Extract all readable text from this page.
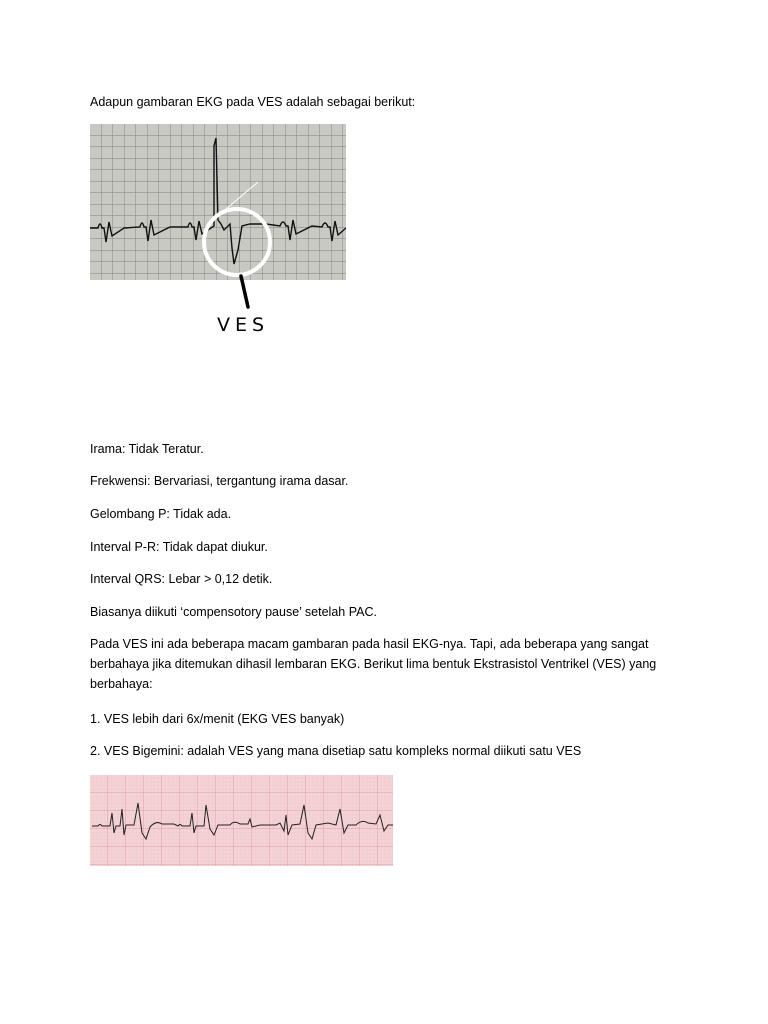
Adapun gambaran EKG pada VES adalah sebagai berikut:
VES
Irama: Tidak Teratur.
Frekwensi: Bervariasi, tergantung irama dasar.
Gelombang P: Tidak ada.
Interval P-R: Tidak dapat diukur.
Interval QRS: Lebar > 0,12 detik.
Biasanya diikuti ‘compensotory pause’ setelah PAC.
Pada VES ini ada beberapa macam gambaran pada hasil EKG-nya. Tapi, ada beberapa yang sangat berbahaya jika ditemukan dihasil lembaran EKG. Berikut lima bentuk Ekstrasistol Ventrikel (VES) yang berbahaya:
1. VES lebih dari 6x/menit (EKG VES banyak)
2. VES Bigemini: adalah VES yang mana disetiap satu kompleks normal diikuti satu VES
